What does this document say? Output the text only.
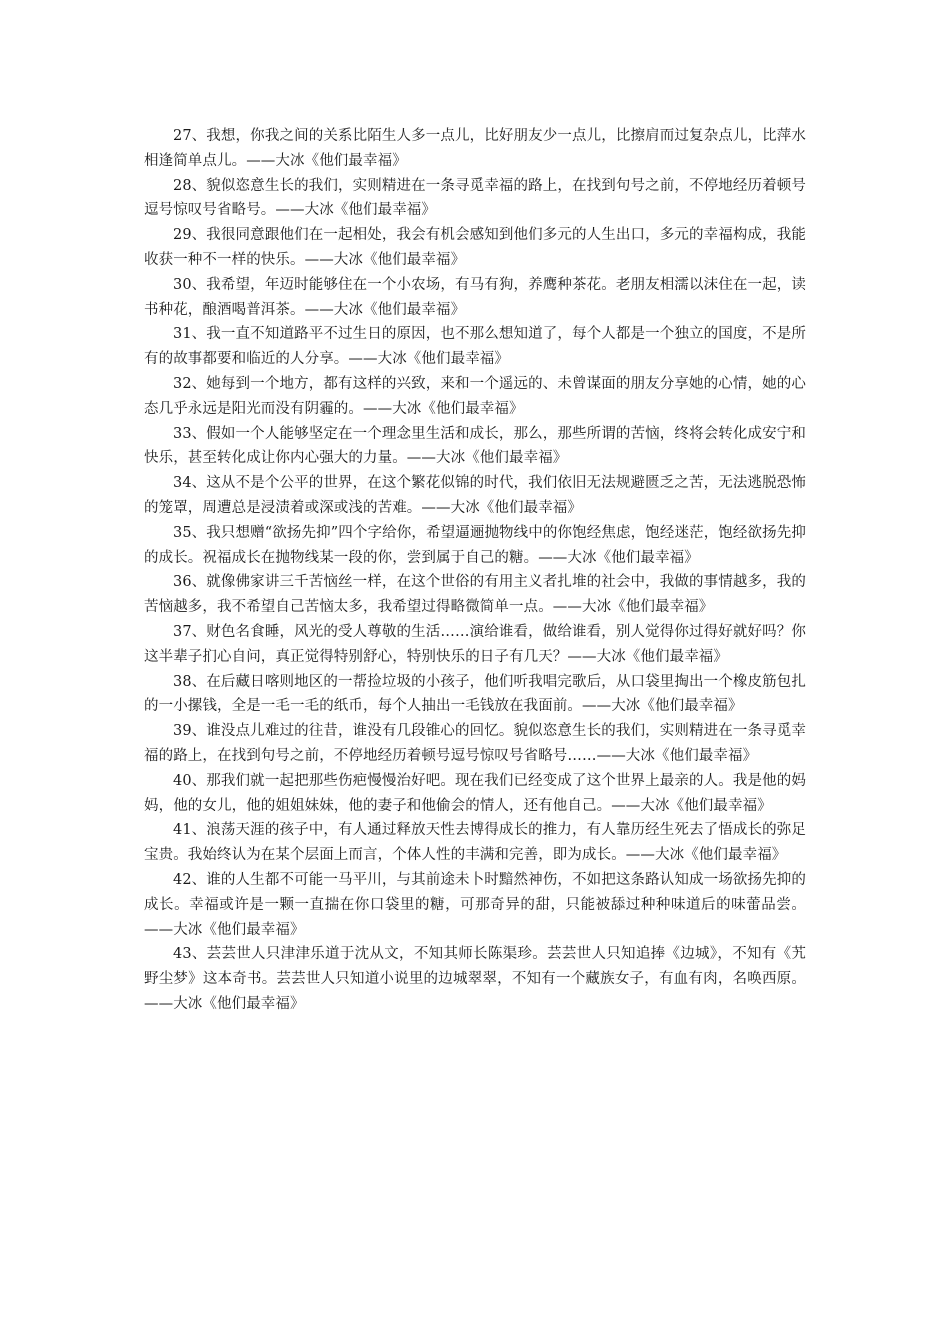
27、我想，你我之间的关系比陌生人多一点儿，比好朋友少一点儿，比擦肩而过复杂点儿，比萍水相逢简单点儿。——大冰《他们最幸福》

28、貌似恣意生长的我们，实则精进在一条寻觅幸福的路上，在找到句号之前，不停地经历着顿号逗号惊叹号省略号。——大冰《他们最幸福》

29、我很同意跟他们在一起相处，我会有机会感知到他们多元的人生出口，多元的幸福构成，我能收获一种不一样的快乐。——大冰《他们最幸福》

30、我希望，年迈时能够住在一个小农场，有马有狗，养鹰种茶花。老朋友相濡以沫住在一起，读书种花，酿酒喝普洱茶。——大冰《他们最幸福》

31、我一直不知道路平不过生日的原因，也不那么想知道了，每个人都是一个独立的国度，不是所有的故事都要和临近的人分享。——大冰《他们最幸福》

32、她每到一个地方，都有这样的兴致，来和一个遥远的、未曾谋面的朋友分享她的心情，她的心态几乎永远是阳光而没有阴霾的。——大冰《他们最幸福》

33、假如一个人能够坚定在一个理念里生活和成长，那么，那些所谓的苦恼，终将会转化成安宁和快乐，甚至转化成让你内心强大的力量。——大冰《他们最幸福》

34、这从不是个公平的世界，在这个繁花似锦的时代，我们依旧无法规避匮乏之苦，无法逃脱恐怖的笼罩，周遭总是浸渍着或深或浅的苦难。——大冰《他们最幸福》

35、我只想赠“欲扬先抑”四个字给你，希望逼逦抛物线中的你饱经焦虑，饱经迷茫，饱经欲扬先抑的成长。祝福成长在抛物线某一段的你，尝到属于自己的糖。——大冰《他们最幸福》

36、就像佛家讲三千苦恼丝一样，在这个世俗的有用主义者扎堆的社会中，我做的事情越多，我的苦恼越多，我不希望自己苦恼太多，我希望过得略微简单一点。——大冰《他们最幸福》

37、财色名食睡，风光的受人尊敬的生活……演给谁看，做给谁看，别人觉得你过得好就好吗？你这半辈子扪心自问，真正觉得特别舒心，特别快乐的日子有几天？——大冰《他们最幸福》

38、在后藏日喀则地区的一帮捡垃圾的小孩子，他们听我唱完歌后，从口袋里掏出一个橡皮筋包扎的一小摞钱，全是一毛一毛的纸币，每个人抽出一毛钱放在我面前。——大冰《他们最幸福》

39、谁没点儿难过的往昔，谁没有几段锥心的回忆。貌似恣意生长的我们，实则精进在一条寻觅幸福的路上，在找到句号之前，不停地经历着顿号逗号惊叹号省略号……——大冰《他们最幸福》

40、那我们就一起把那些伤疤慢慢治好吧。现在我们已经变成了这个世界上最亲的人。我是他的妈妈，他的女儿，他的姐姐妹妹，他的妻子和他偷会的情人，还有他自己。——大冰《他们最幸福》

41、浪荡天涯的孩子中，有人通过释放天性去博得成长的推力，有人靠历经生死去了悟成长的弥足宝贵。我始终认为在某个层面上而言，个体人性的丰满和完善，即为成长。——大冰《他们最幸福》

42、谁的人生都不可能一马平川，与其前途未卜时黯然神伤，不如把这条路认知成一场欲扬先抑的成长。幸福或许是一颗一直揣在你口袋里的糖，可那奇异的甜，只能被舔过种种味道后的味蕾品尝。——大冰《他们最幸福》

43、芸芸世人只津津乐道于沈从文，不知其师长陈渠珍。芸芸世人只知追捧《边城》，不知有《艽野尘梦》这本奇书。芸芸世人只知道小说里的边城翠翠，不知有一个藏族女子，有血有肉，名唤西原。——大冰《他们最幸福》
